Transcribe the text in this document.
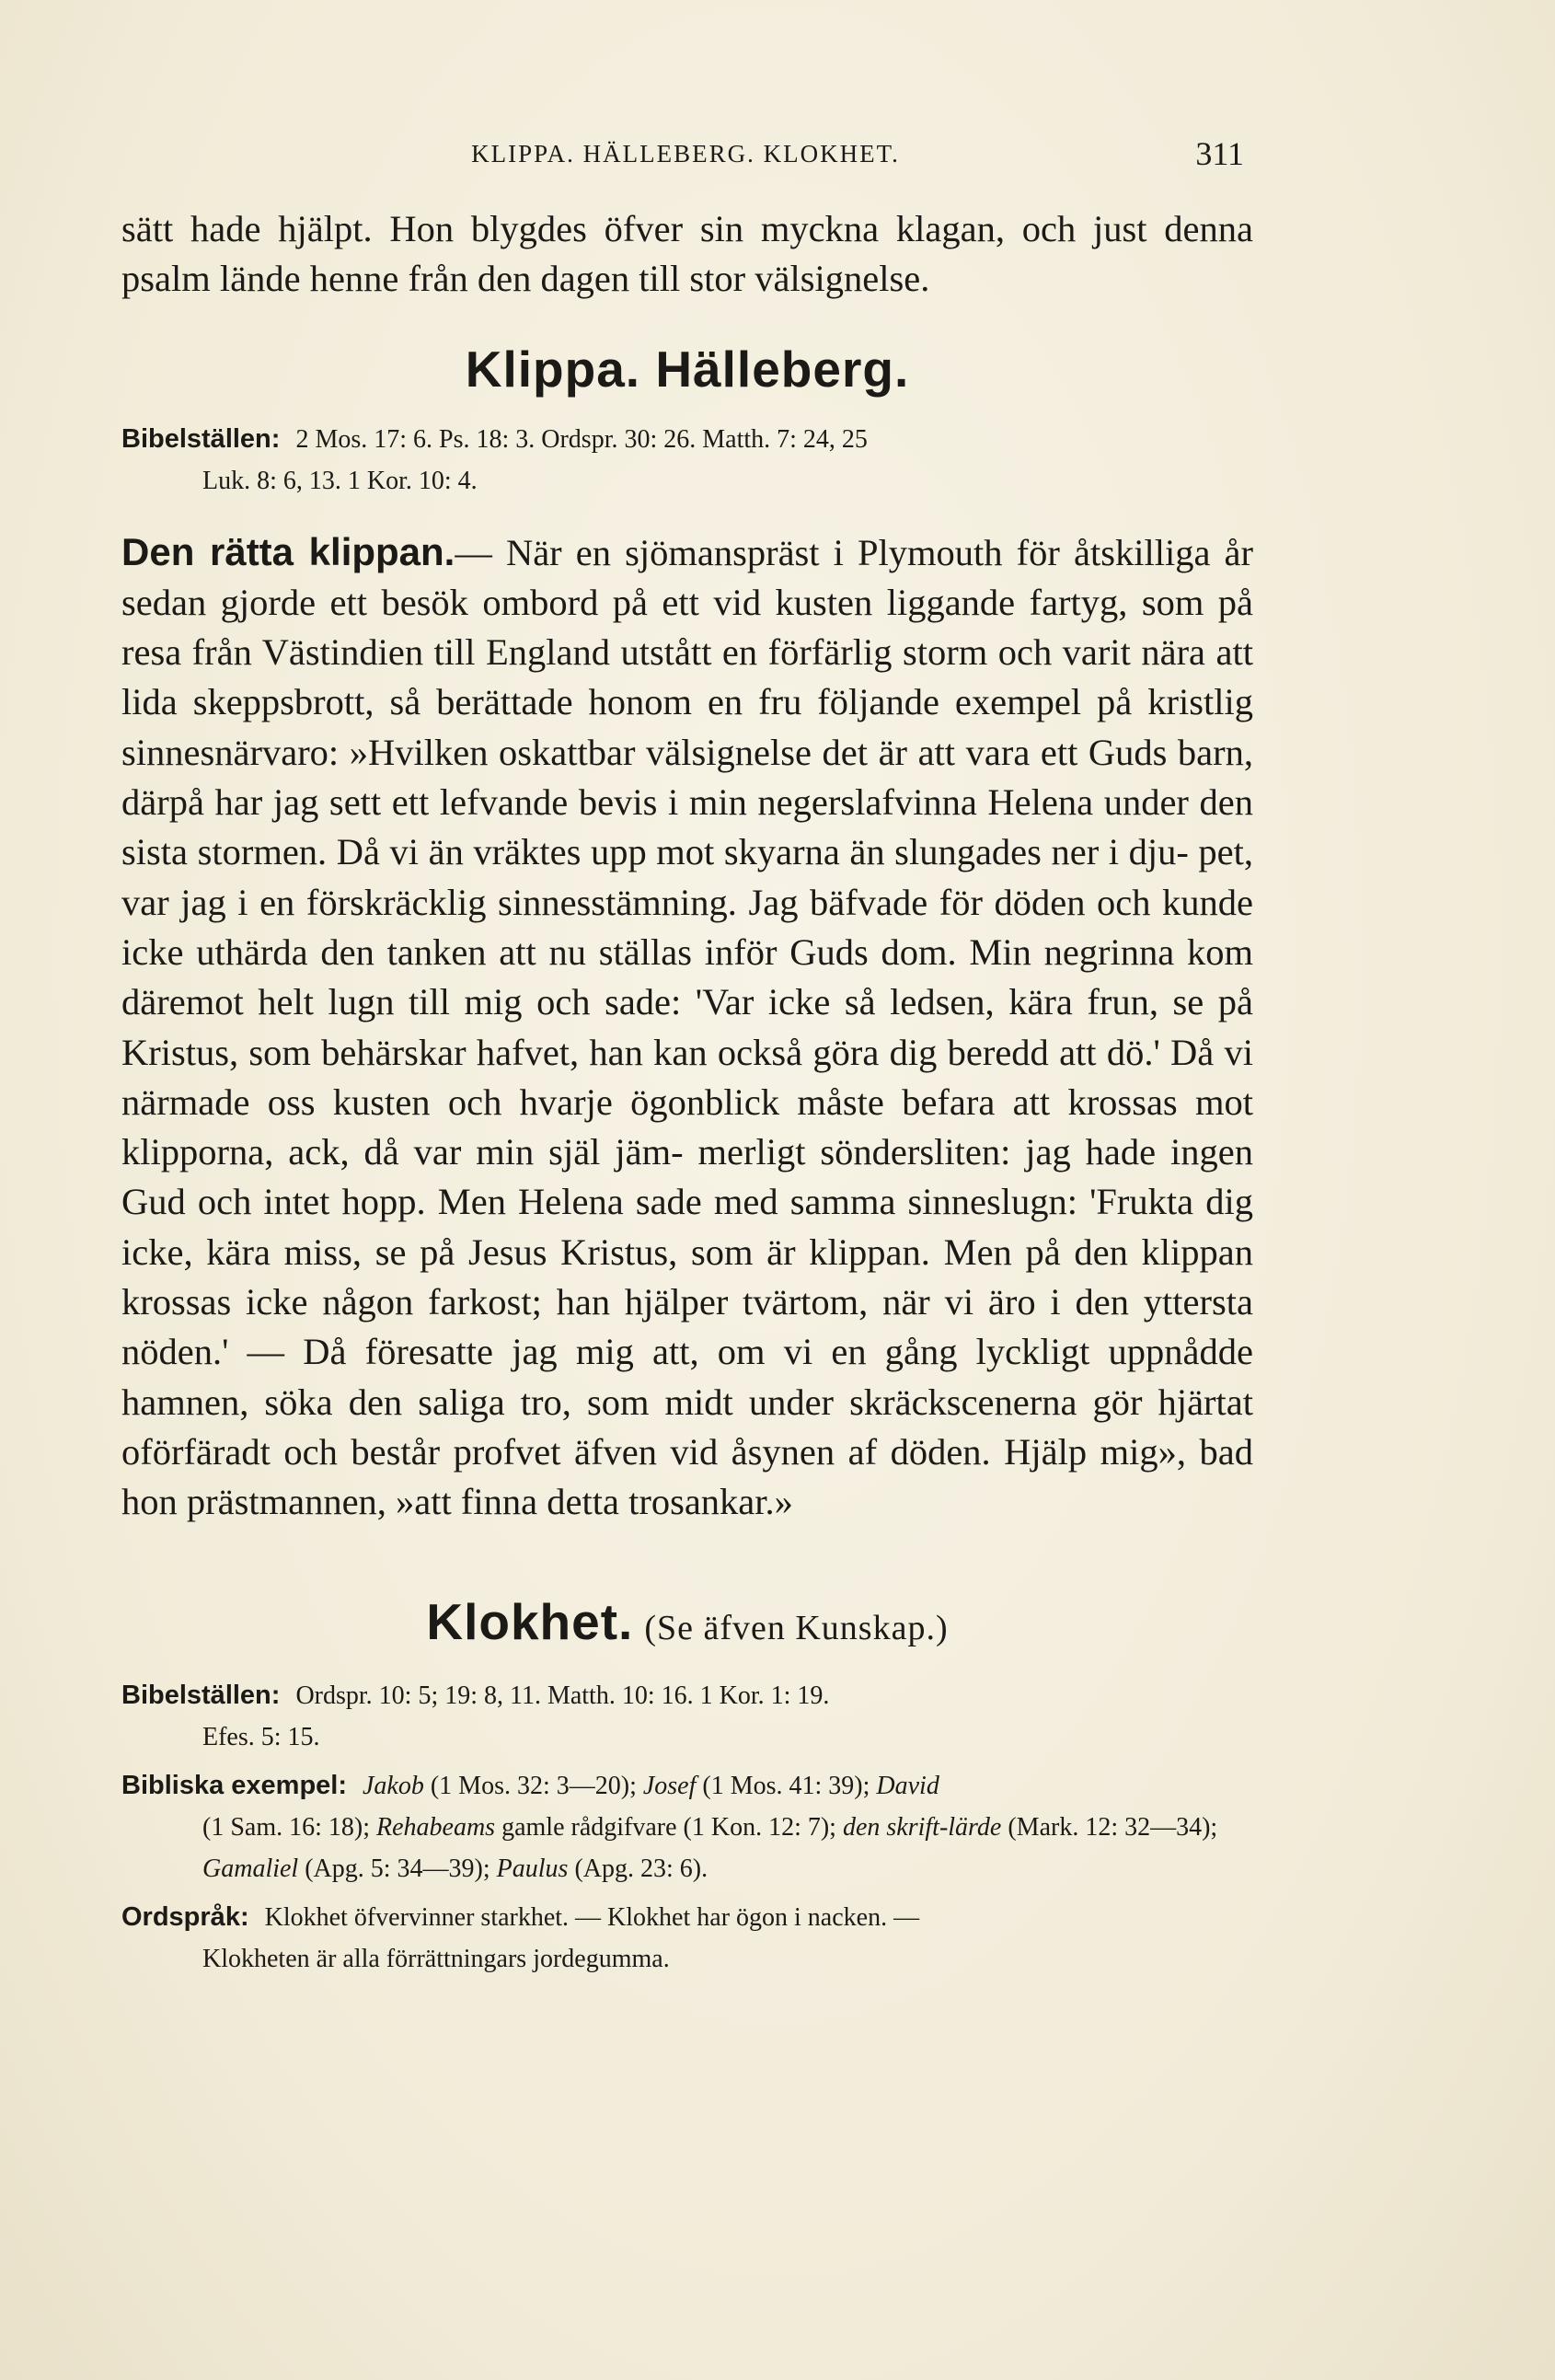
KLIPPA. HÄLLEBERG. KLOKHET.	311

sätt hade hjälpt. Hon blygdes öfver sin myckna klagan, och just denna psalm lände henne från den dagen till stor välsignelse.

Klippa. Hälleberg.

Bibelställen: 2 Mos. 17: 6. Ps. 18: 3. Ordspr. 30: 26. Matth. 7: 24, 25
Luk. 8: 6, 13. 1 Kor. 10: 4.

Den rätta klippan.— När en sjömanspräst i Plymouth för åtskilliga år sedan gjorde ett besök ombord på ett vid kusten liggande fartyg, som på resa från Västindien till England utstått en förfärlig storm och varit nära att lida skeppsbrott, så berättade honom en fru följande exempel på kristlig sinnesnärvaro: »Hvilken oskattbar välsignelse det är att vara ett Guds barn, därpå har jag sett ett lefvande bevis i min negerslafvinna Helena under den sista stormen. Då vi än vräktes upp mot skyarna än slungades ner i dju- pet, var jag i en förskräcklig sinnesstämning. Jag bäfvade för döden och kunde icke uthärda den tanken att nu ställas inför Guds dom. Min negrinna kom däremot helt lugn till mig och sade: 'Var icke så ledsen, kära frun, se på Kristus, som behärskar hafvet, han kan också göra dig beredd att dö.' Då vi närmade oss kusten och hvarje ögonblick måste befara att krossas mot klipporna, ack, då var min själ jäm- merligt söndersliten: jag hade ingen Gud och intet hopp. Men Helena sade med samma sinneslugn: 'Frukta dig icke, kära miss, se på Jesus Kristus, som är klippan. Men på den klippan krossas icke någon farkost; han hjälper tvärtom, när vi äro i den yttersta nöden.' — Då föresatte jag mig att, om vi en gång lyckligt uppnådde hamnen, söka den saliga tro, som midt under skräckscenerna gör hjärtat oförfäradt och består profvet äfven vid åsynen af döden. Hjälp mig», bad hon prästmannen, »att finna detta trosankar.»

Klokhet. (Se äfven Kunskap.)

Bibelställen: Ordspr. 10: 5; 19: 8, 11. Matth. 10: 16. 1 Kor. 1: 19.
Efes. 5: 15.

Bibliska exempel: Jakob (1 Mos. 32: 3—20); Josef (1 Mos. 41: 39); David
(1 Sam. 16: 18); Rehabeams gamle rådgifvare (1 Kon. 12: 7); den skrift-lärde (Mark. 12: 32—34); Gamaliel (Apg. 5: 34—39); Paulus (Apg. 23: 6).

Ordspråk: Klokhet öfvervinner starkhet. — Klokhet har ögon i nacken. —
Klokheten är alla förrättningars jordegumma.
